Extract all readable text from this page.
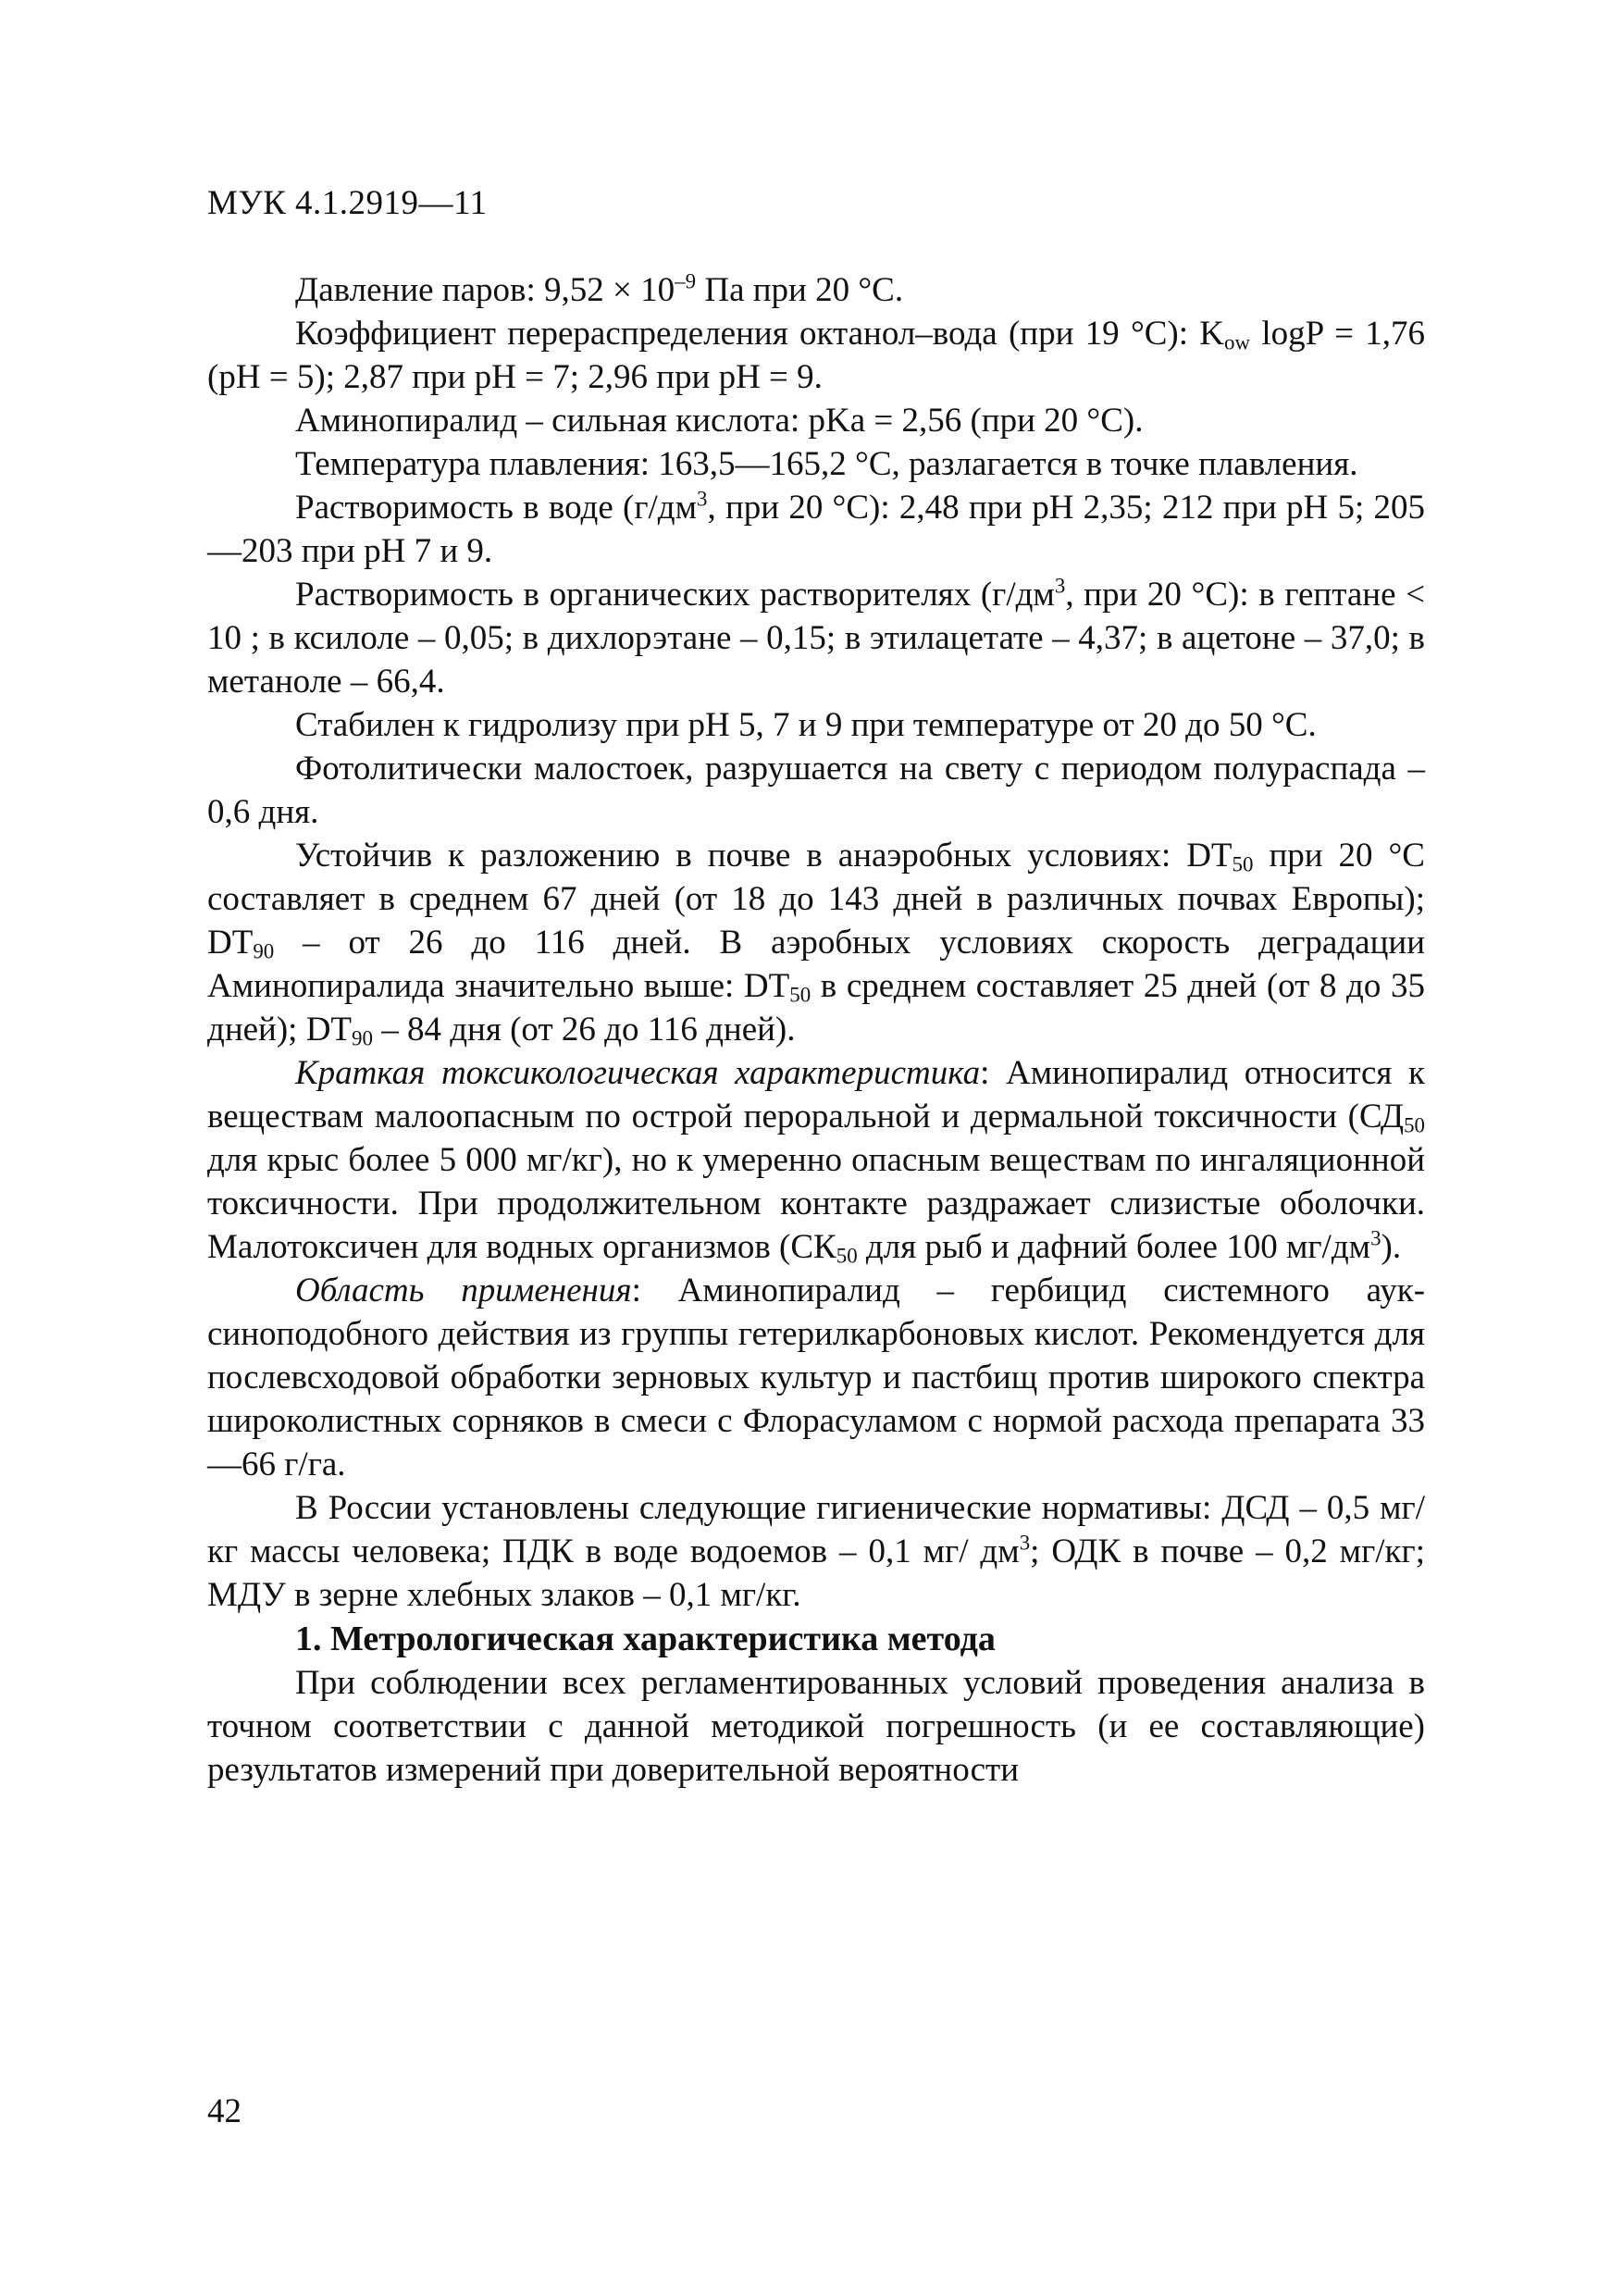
МУК 4.1.2919—11

Давление паров: $9,52 \times 10^{-9}$ Па при 20 °С.

Коэффициент перераспределения октанол–вода (при 19 °С): $K_{ow}$ logP = 1,76 (pH = 5); 2,87 при pH = 7; 2,96 при pH = 9.

Аминопиралид – сильная кислота: pKa = 2,56 (при 20 °С).

Температура плавления: 163,5—165,2 °С, разлагается в точке плавления.

Растворимость в воде ($г/дм^3$, при 20 °С): 2,48 при pH 2,35; 212 при pH 5; 205—203 при pH 7 и 9.

Растворимость в органических растворителях ($г/дм^3$, при 20 °С): в гептане < 10 ; в ксилоле – 0,05; в дихлорэтане – 0,15; в этилацетате – 4,37; в ацетоне – 37,0; в метаноле – 66,4.

Стабилен к гидролизу при pH 5, 7 и 9 при температуре от 20 до 50 °С.

Фотолитически малостоек, разрушается на свету с периодом полураспада – 0,6 дня.

Устойчив к разложению в почве в анаэробных условиях: $DT_{50}$ при 20 °С составляет в среднем 67 дней (от 18 до 143 дней в различных почвах Европы); $DT_{90}$ – от 26 до 116 дней. В аэробных условиях скорость деградации Аминопиралида значительно выше: $DT_{50}$ в среднем составляет 25 дней (от 8 до 35 дней); $DT_{90} - 84$ дня (от 26 до 116 дней).

Краткая токсикологическая характеристика: Аминопиралид относится к веществам малоопасным по острой пероральной и дермальной токсичности ($СД_{50}$ для крыс более 5 000 мг/кг), но к умеренно опасным веществам по ингаляционной токсичности. При продолжительном контакте раздражает слизистые оболочки. Малотоксичен для водных организмов ($СК_{50}$ для рыб и дафний более 100 $мг/дм^3$).

Область применения: Аминопиралид – гербицид системного ауксиноподобного действия из группы гетерилкарбоновых кислот. Рекомендуется для послевсходовой обработки зерновых культур и пастбищ против широкого спектра широколистных сорняков в смеси с Флорасуламом с нормой расхода препарата 33—66 г/га.

В России установлены следующие гигиенические нормативы: ДСД – 0,5 мг/кг массы человека; ПДК в воде водоемов – 0,1 мг/ $дм^3$; ОДК в почве – 0,2 мг/кг; МДУ в зерне хлебных злаков – 0,1 мг/кг.

1. Метрологическая характеристика метода

При соблюдении всех регламентированных условий проведения анализа в точном соответствии с данной методикой погрешность (и ее составляющие) результатов измерений при доверительной вероятности

42
